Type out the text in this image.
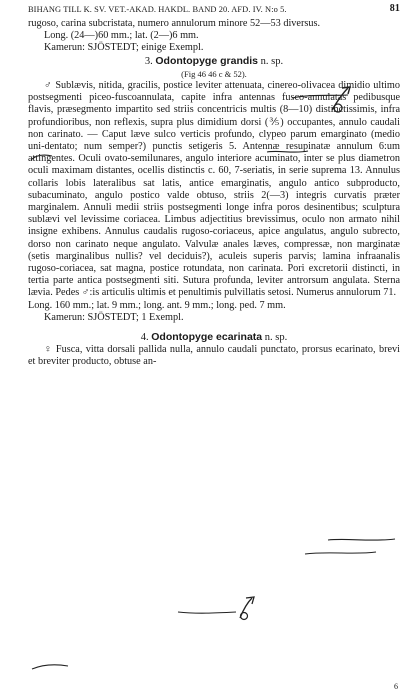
BIHANG TILL K. SV. VET.-AKAD. HAKDL. BAND 20. AFD. IV. N:o 5.	81

rugoso, carina subcristata, numero annulorum minore 52—53 diversus.

Long. (24—)60 mm.; lat. (2—)6 mm.

Kamerun: SJÖSTEDT; einige Exempl.

3. Odontopyge grandis n. sp.

(Fig 46 46 c & 52).

♂ Sublævis, nitida, gracilis, postice leviter attenuata, cinereo-olivacea dimidio ultimo postsegmenti piceo-fuscoannulata, capite infra antennas fusco-annulatas pedibusque flavis, præsegmento impartito sed striis concentricis multis (8—10) distinctissimis, infra profundioribus, non reflexis, supra plus dimidium dorsi (⅗) occupantes, annulo caudali non carinato. — Caput læve sulco verticis profundo, clypeo parum emarginato (medio uni-dentato; num semper?) punctis setigeris 5. Antennæ resupinatæ annulum 6:um attingentes. Oculi ovato-semilunares, angulo interiore acuminato, inter se plus diametron oculi maximam distantes, ocellis distinctis c. 60, 7-seriatis, in serie suprema 13. Annulus collaris lobis lateralibus sat latis, antice emarginatis, angulo antico subproducto, subacuminato, angulo postico valde obtuso, striis 2(—3) integris curvatis præter marginalem. Annuli medii striis postsegmenti longe infra poros desinentibus; sculptura sublævi vel levissime coriacea. Limbus adjectitius brevissimus, oculo non armato nihil insigne exhibens. Annulus caudalis rugoso-coriaceus, apice angulatus, angulo subrecto, dorso non carinato neque angulato. Valvulæ anales læves, compressæ, non marginatæ (setis marginalibus nullis? vel deciduis?), aculeis superis parvis; lamina infraanalis rugoso-coriacea, sat magna, postice rotundata, non carinata. Pori excretorii distincti, in tertia parte antica postsegmenti siti. Sutura profunda, leviter antrorsum angulata. Sterna lævia. Pedes ♂:is articulis ultimis et penultimis pulvillatis setosi. Numerus annulorum 71.

Long. 160 mm.; lat. 9 mm.; long. ant. 9 mm.; long. ped. 7 mm.

Kamerun: SJÖSTEDT; 1 Exempl.

4. Odontopyge ecarinata n. sp.

♀ Fusca, vitta dorsali pallida nulla, annulo caudali punctato, prorsus ecarinato, brevi et breviter producto, obtuse an-

6
